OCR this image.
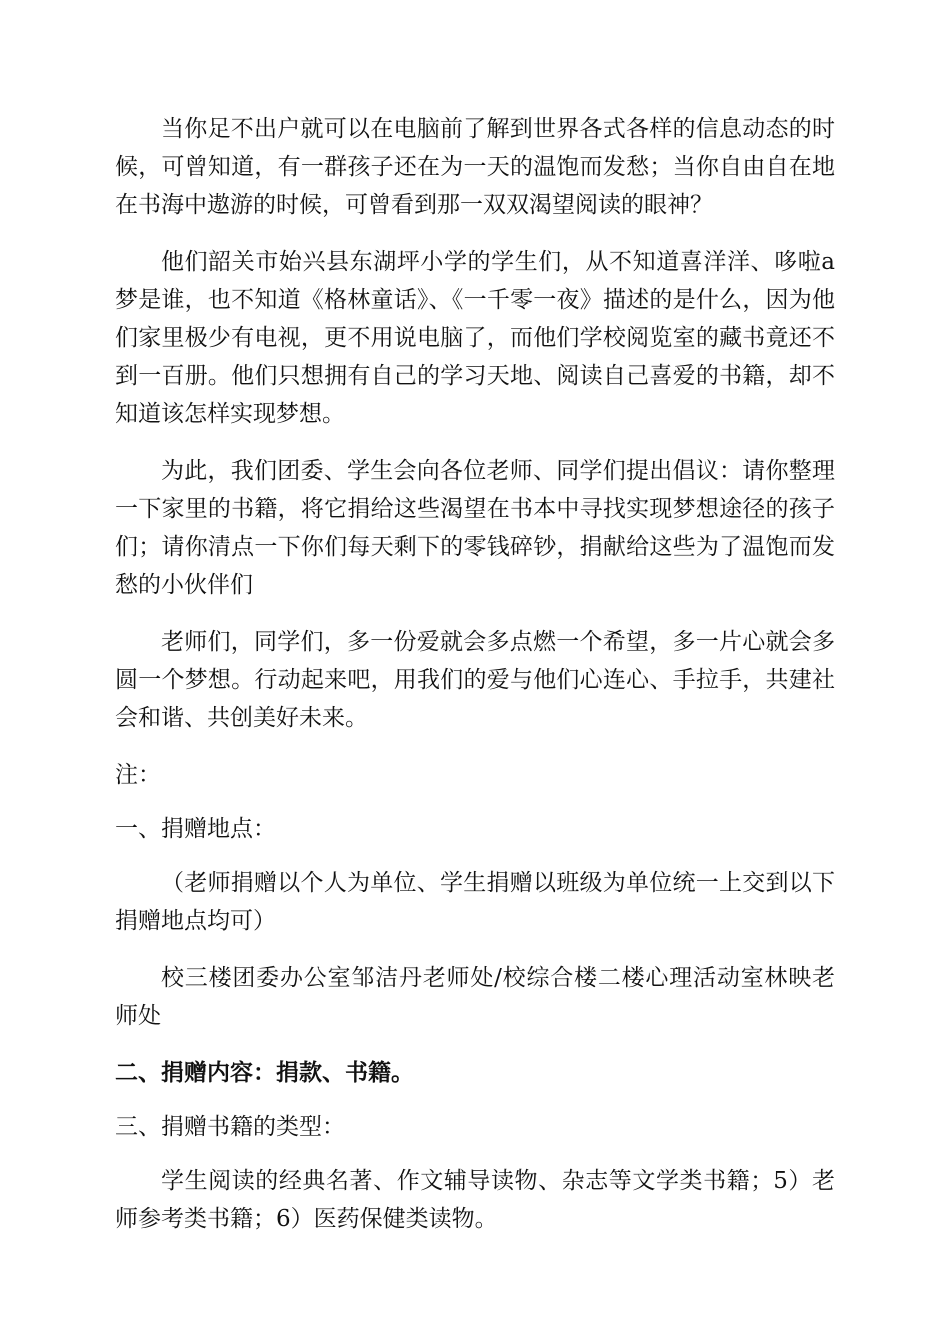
当你足不出户就可以在电脑前了解到世界各式各样的信息动态的时候，可曾知道，有一群孩子还在为一天的温饱而发愁；当你自由自在地在书海中遨游的时候，可曾看到那一双双渴望阅读的眼神？

他们韶关市始兴县东湖坪小学的学生们，从不知道喜洋洋、哆啦a梦是谁，也不知道《格林童话》、《一千零一夜》描述的是什么，因为他们家里极少有电视，更不用说电脑了，而他们学校阅览室的藏书竟还不到一百册。他们只想拥有自己的学习天地、阅读自己喜爱的书籍，却不知道该怎样实现梦想。

为此，我们团委、学生会向各位老师、同学们提出倡议：请你整理一下家里的书籍，将它捐给这些渴望在书本中寻找实现梦想途径的孩子们；请你清点一下你们每天剩下的零钱碎钞，捐献给这些为了温饱而发愁的小伙伴们

老师们，同学们，多一份爱就会多点燃一个希望，多一片心就会多圆一个梦想。行动起来吧，用我们的爱与他们心连心、手拉手，共建社会和谐、共创美好未来。

注：

一、捐赠地点：

（老师捐赠以个人为单位、学生捐赠以班级为单位统一上交到以下捐赠地点均可）

校三楼团委办公室邹洁丹老师处/校综合楼二楼心理活动室林映老师处

二、捐赠内容：捐款、书籍。

三、捐赠书籍的类型：

学生阅读的经典名著、作文辅导读物、杂志等文学类书籍；5）老师参考类书籍；6）医药保健类读物。
